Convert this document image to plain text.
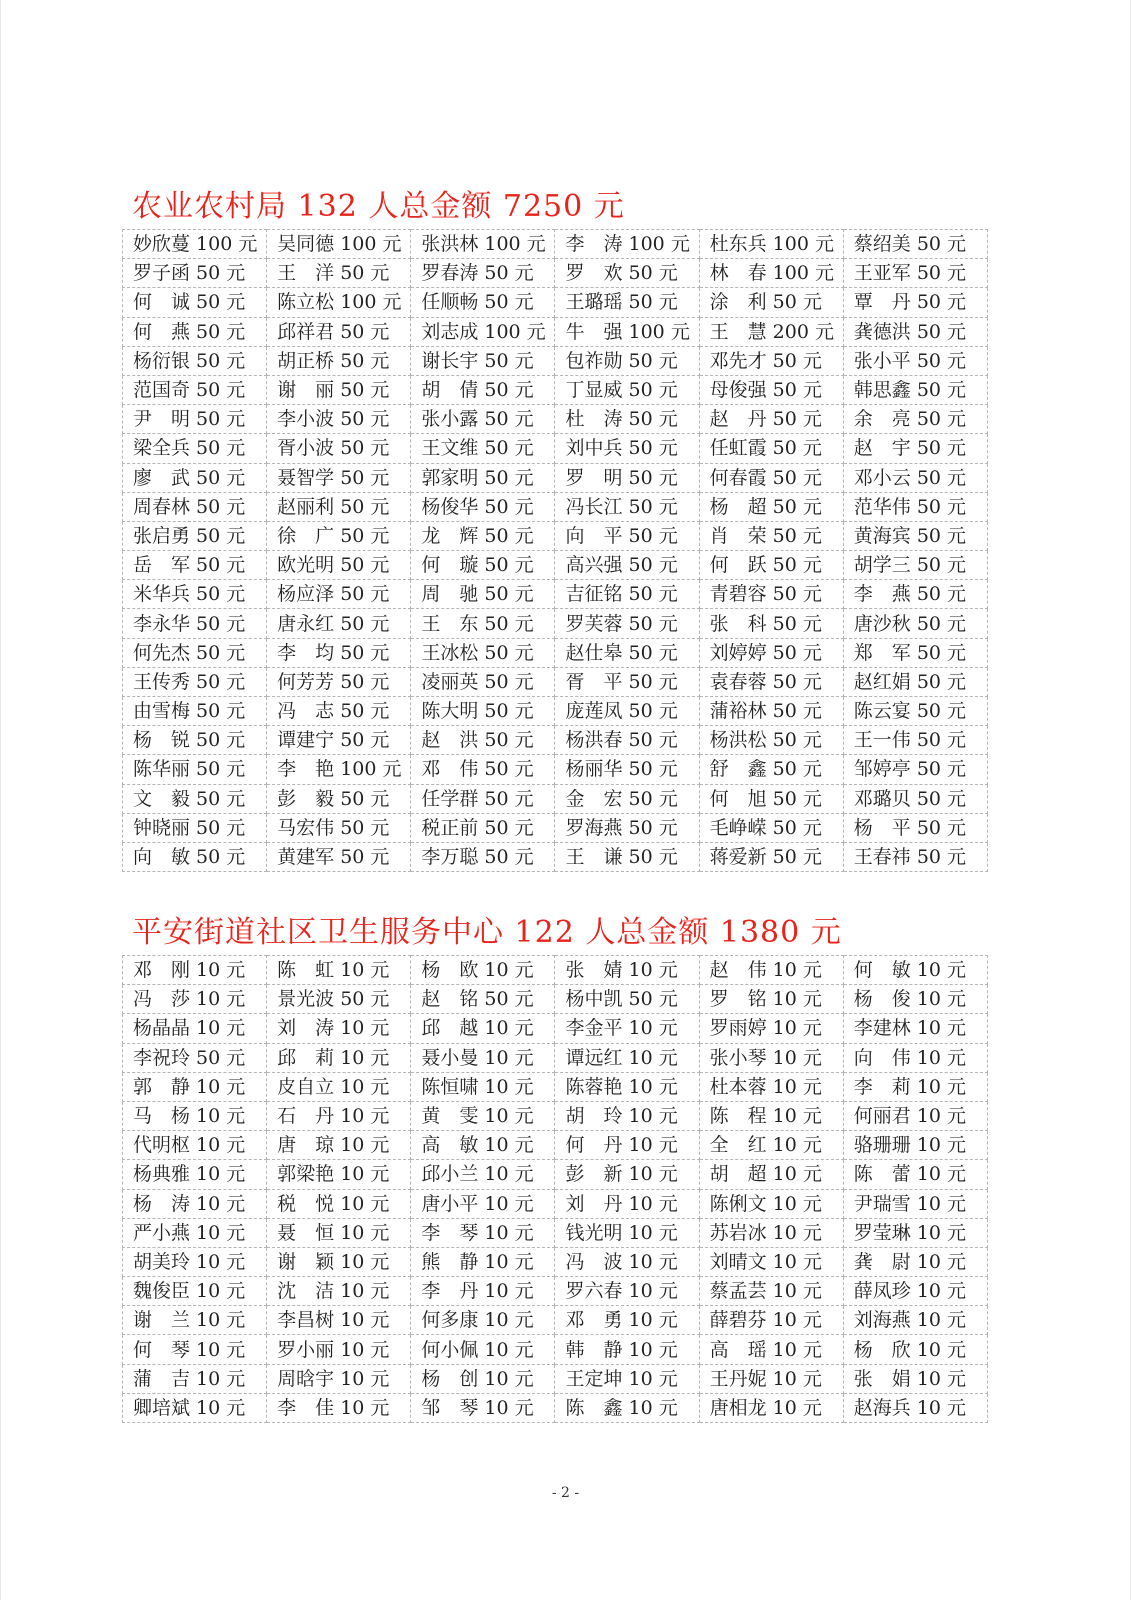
农业农村局 132 人总金额 7250 元
妙欣蔓 100 元	吴同德 100 元	张洪林 100 元	李　涛 100 元	杜东兵 100 元	蔡绍美 50 元
罗子函 50 元	王　洋 50 元	罗春涛 50 元	罗　欢 50 元	林　春 100 元	王亚军 50 元
何　诚 50 元	陈立松 100 元	任顺畅 50 元	王璐瑶 50 元	涂　利 50 元	覃　丹 50 元
何　燕 50 元	邱祥君 50 元	刘志成 100 元	牛　强 100 元	王　慧 200 元	龚德洪 50 元
杨衍银 50 元	胡正桥 50 元	谢长宇 50 元	包祚勋 50 元	邓先才 50 元	张小平 50 元
范国奇 50 元	谢　丽 50 元	胡　倩 50 元	丁显威 50 元	母俊强 50 元	韩思鑫 50 元
尹　明 50 元	李小波 50 元	张小露 50 元	杜　涛 50 元	赵　丹 50 元	余　亮 50 元
梁全兵 50 元	胥小波 50 元	王文维 50 元	刘中兵 50 元	任虹霞 50 元	赵　宇 50 元
廖　武 50 元	聂智学 50 元	郭家明 50 元	罗　明 50 元	何春霞 50 元	邓小云 50 元
周春林 50 元	赵丽利 50 元	杨俊华 50 元	冯长江 50 元	杨　超 50 元	范华伟 50 元
张启勇 50 元	徐　广 50 元	龙　辉 50 元	向　平 50 元	肖　荣 50 元	黄海宾 50 元
岳　军 50 元	欧光明 50 元	何　璇 50 元	高兴强 50 元	何　跃 50 元	胡学三 50 元
米华兵 50 元	杨应泽 50 元	周　驰 50 元	吉征铭 50 元	青碧容 50 元	李　燕 50 元
李永华 50 元	唐永红 50 元	王　东 50 元	罗芙蓉 50 元	张　科 50 元	唐沙秋 50 元
何先杰 50 元	李　均 50 元	王冰松 50 元	赵仕皋 50 元	刘婷婷 50 元	郑　军 50 元
王传秀 50 元	何芳芳 50 元	凌丽英 50 元	胥　平 50 元	袁春蓉 50 元	赵红娟 50 元
由雪梅 50 元	冯　志 50 元	陈大明 50 元	庞莲凤 50 元	蒲裕林 50 元	陈云宴 50 元
杨　锐 50 元	谭建宁 50 元	赵　洪 50 元	杨洪春 50 元	杨洪松 50 元	王一伟 50 元
陈华丽 50 元	李　艳 100 元	邓　伟 50 元	杨丽华 50 元	舒　鑫 50 元	邹婷亭 50 元
文　毅 50 元	彭　毅 50 元	任学群 50 元	金　宏 50 元	何　旭 50 元	邓璐贝 50 元
钟晓丽 50 元	马宏伟 50 元	税正前 50 元	罗海燕 50 元	毛峥嵘 50 元	杨　平 50 元
向　敏 50 元	黄建军 50 元	李万聪 50 元	王　谦 50 元	蒋爱新 50 元	王春祎 50 元
平安街道社区卫生服务中心 122 人总金额 1380 元
邓　刚 10 元	陈　虹 10 元	杨　欧 10 元	张　婧 10 元	赵　伟 10 元	何　敏 10 元
冯　莎 10 元	景光波 50 元	赵　铭 50 元	杨中凯 50 元	罗　铭 10 元	杨　俊 10 元
杨晶晶 10 元	刘　涛 10 元	邱　越 10 元	李金平 10 元	罗雨婷 10 元	李建林 10 元
李祝玲 50 元	邱　莉 10 元	聂小曼 10 元	谭远红 10 元	张小琴 10 元	向　伟 10 元
郭　静 10 元	皮自立 10 元	陈恒啸 10 元	陈蓉艳 10 元	杜本蓉 10 元	李　莉 10 元
马　杨 10 元	石　丹 10 元	黄　雯 10 元	胡　玲 10 元	陈　程 10 元	何丽君 10 元
代明枢 10 元	唐　琼 10 元	高　敏 10 元	何　丹 10 元	全　红 10 元	骆珊珊 10 元
杨典雅 10 元	郭梁艳 10 元	邱小兰 10 元	彭　新 10 元	胡　超 10 元	陈　蕾 10 元
杨　涛 10 元	税　悦 10 元	唐小平 10 元	刘　丹 10 元	陈俐文 10 元	尹瑞雪 10 元
严小燕 10 元	聂　恒 10 元	李　琴 10 元	钱光明 10 元	苏岩冰 10 元	罗莹琳 10 元
胡美玲 10 元	谢　颖 10 元	熊　静 10 元	冯　波 10 元	刘晴文 10 元	龚　尉 10 元
魏俊臣 10 元	沈　洁 10 元	李　丹 10 元	罗六春 10 元	蔡孟芸 10 元	薛凤珍 10 元
谢　兰 10 元	李昌树 10 元	何多康 10 元	邓　勇 10 元	薛碧芬 10 元	刘海燕 10 元
何　琴 10 元	罗小丽 10 元	何小佩 10 元	韩　静 10 元	高　瑶 10 元	杨　欣 10 元
蒲　吉 10 元	周晗宇 10 元	杨　创 10 元	王定坤 10 元	王丹妮 10 元	张　娟 10 元
卿培斌 10 元	李　佳 10 元	邹　琴 10 元	陈　鑫 10 元	唐相龙 10 元	赵海兵 10 元
- 2 -
